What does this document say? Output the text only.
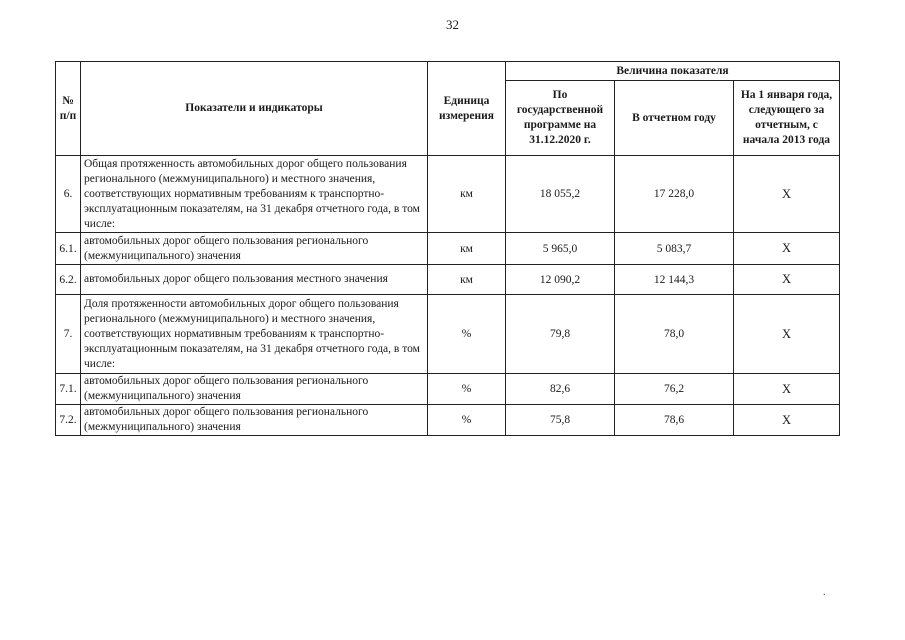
32
№ п/п	Показатели и индикаторы	Единица измерения	Величина показателя		
			По государственной программе на 31.12.2020 г.	В отчетном году	На 1 января года, следующего за отчетным, с начала 2013 года
6.	Общая протяженность автомобильных дорог общего пользования регионального (межмуниципального) и местного значения, соответствующих нормативным требованиям к транспортно-эксплуатационным показателям, на 31 декабря отчетного года, в том числе:	км	18 055,2	17 228,0	Х
6.1.	автомобильных дорог общего пользования регионального (межмуниципального) значения	км	5 965,0	5 083,7	Х
6.2.	автомобильных дорог общего пользования местного значения	км	12 090,2	12 144,3	Х
7.	Доля протяженности автомобильных дорог общего пользования регионального (межмуниципального) и местного значения, соответствующих нормативным требованиям к транспортно-эксплуатационным показателям, на 31 декабря отчетного года, в том числе:	%	79,8	78,0	Х
7.1.	автомобильных дорог общего пользования регионального (межмуниципального) значения	%	82,6	76,2	Х
7.2.	автомобильных дорог общего пользования регионального (межмуниципального) значения	%	75,8	78,6	Х
.
